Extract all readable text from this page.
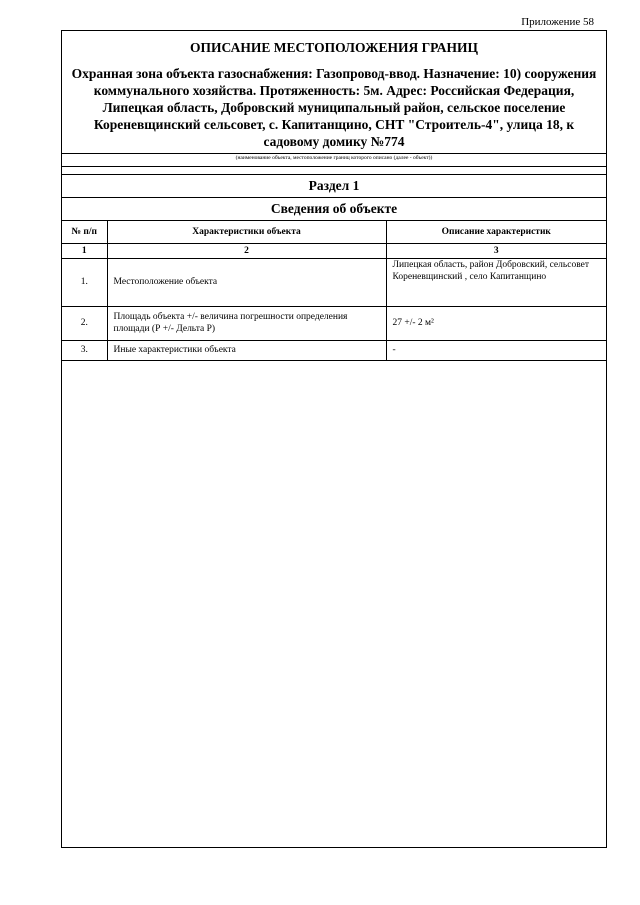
Приложение 58
ОПИСАНИЕ МЕСТОПОЛОЖЕНИЯ ГРАНИЦ
Охранная зона объекта газоснабжения: Газопровод-ввод. Назначение: 10) сооружения коммунального хозяйства. Протяженность: 5м. Адрес: Российская Федерация, Липецкая область, Добровский муниципальный район, сельское поселение Кореневщинский сельсовет, с. Капитанщино, СНТ "Строитель-4", улица 18, к садовому домику №774
(наименование объекта, местоположение границ которого описано (далее - объект))
Раздел 1
Сведения об объекте
№ п/п	Характеристики объекта	Описание характеристик
1	2	3
1.	Местоположение объекта	Липецкая область, район Добровский, сельсовет Кореневщинский , село Капитанщино
2.	Площадь объекта +/- величина погрешности определения площади (Р +/- Дельта Р)	27 +/- 2 м²
3.	Иные характеристики объекта	-
